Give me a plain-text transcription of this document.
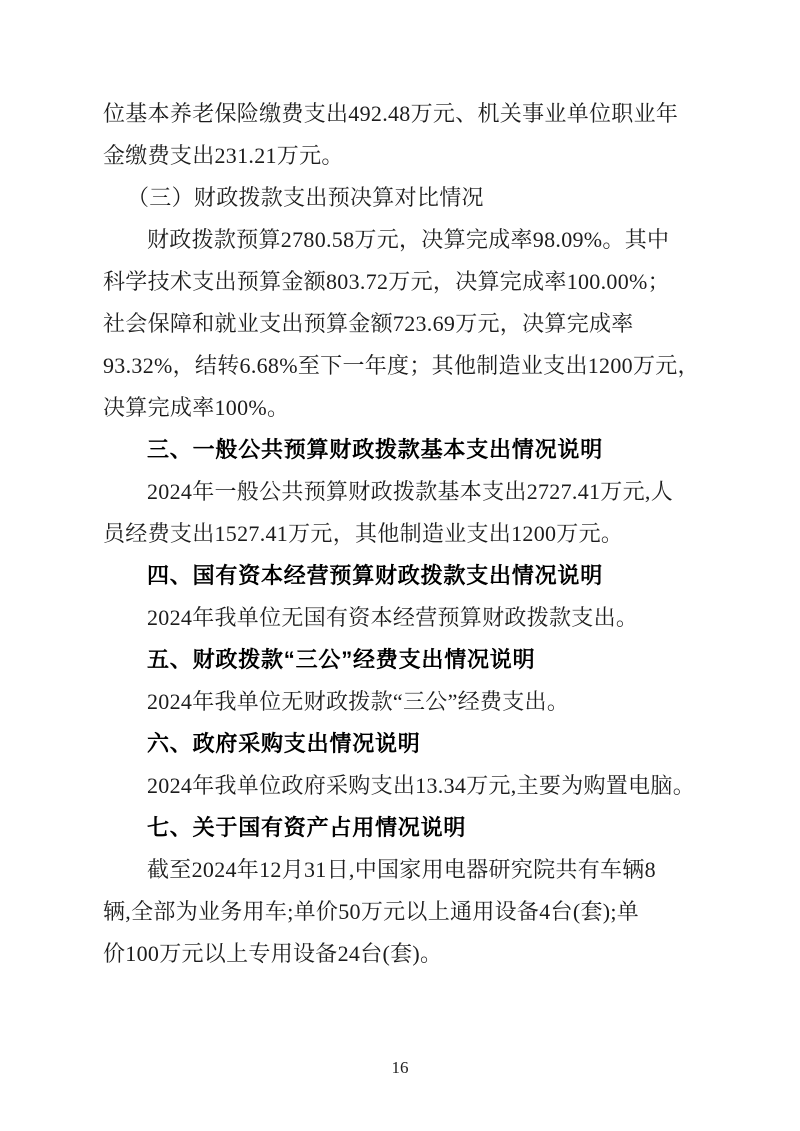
位基本养老保险缴费支出492.48万元、机关事业单位职业年
金缴费支出231.21万元。
（三）财政拨款支出预决算对比情况
财政拨款预算2780.58万元，决算完成率98.09%。其中
科学技术支出预算金额803.72万元，决算完成率100.00%；
社会保障和就业支出预算金额723.69万元，决算完成率
93.32%，结转6.68%至下一年度；其他制造业支出1200万元，
决算完成率100%。
三、一般公共预算财政拨款基本支出情况说明
2024年一般公共预算财政拨款基本支出2727.41万元,人
员经费支出1527.41万元，其他制造业支出1200万元。
四、国有资本经营预算财政拨款支出情况说明
2024年我单位无国有资本经营预算财政拨款支出。
五、财政拨款“三公”经费支出情况说明
2024年我单位无财政拨款“三公”经费支出。
六、政府采购支出情况说明
2024年我单位政府采购支出13.34万元,主要为购置电脑。
七、关于国有资产占用情况说明
截至2024年12月31日,中国家用电器研究院共有车辆8
辆,全部为业务用车;单价50万元以上通用设备4台(套);单
价100万元以上专用设备24台(套)。
16
